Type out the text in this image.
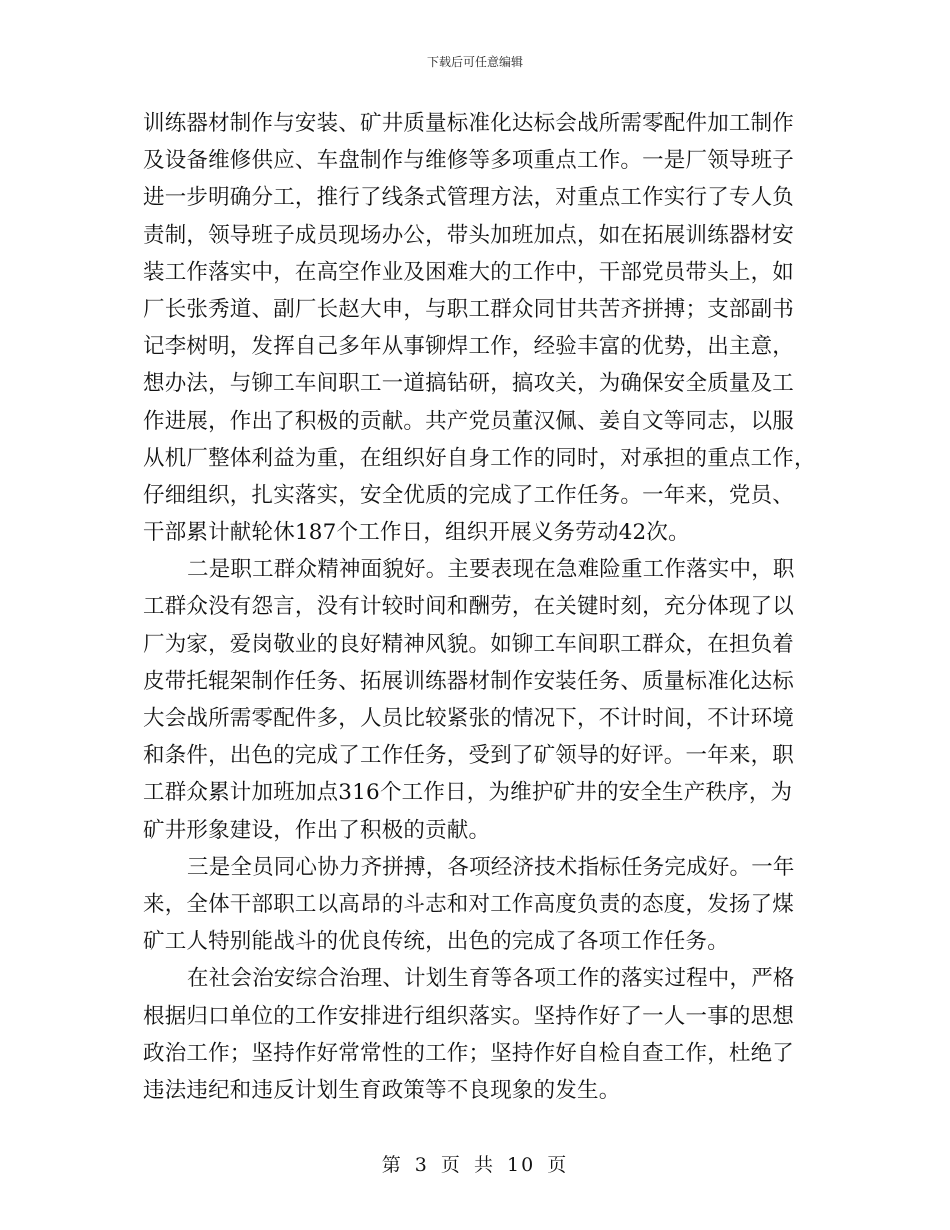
下载后可任意编辑
训练器材制作与安装、矿井质量标准化达标会战所需零配件加工制作
及设备维修供应、车盘制作与维修等多项重点工作。一是厂领导班子
进一步明确分工，推行了线条式管理方法，对重点工作实行了专人负
责制，领导班子成员现场办公，带头加班加点，如在拓展训练器材安
装工作落实中，在高空作业及困难大的工作中，干部党员带头上，如
厂长张秀道、副厂长赵大申，与职工群众同甘共苦齐拼搏；支部副书
记李树明，发挥自己多年从事铆焊工作，经验丰富的优势，出主意，
想办法，与铆工车间职工一道搞钻研，搞攻关，为确保安全质量及工
作进展，作出了积极的贡献。共产党员董汉佩、姜自文等同志，以服
从机厂整体利益为重，在组织好自身工作的同时，对承担的重点工作，
仔细组织，扎实落实，安全优质的完成了工作任务。一年来，党员、
干部累计献轮休187个工作日，组织开展义务劳动42次。
二是职工群众精神面貌好。主要表现在急难险重工作落实中，职
工群众没有怨言，没有计较时间和酬劳，在关键时刻，充分体现了以
厂为家，爱岗敬业的良好精神风貌。如铆工车间职工群众，在担负着
皮带托辊架制作任务、拓展训练器材制作安装任务、质量标准化达标
大会战所需零配件多，人员比较紧张的情况下，不计时间，不计环境
和条件，出色的完成了工作任务，受到了矿领导的好评。一年来，职
工群众累计加班加点316个工作日，为维护矿井的安全生产秩序，为
矿井形象建设，作出了积极的贡献。
三是全员同心协力齐拼搏，各项经济技术指标任务完成好。一年
来，全体干部职工以高昂的斗志和对工作高度负责的态度，发扬了煤
矿工人特别能战斗的优良传统，出色的完成了各项工作任务。
在社会治安综合治理、计划生育等各项工作的落实过程中，严格
根据归口单位的工作安排进行组织落实。坚持作好了一人一事的思想
政治工作；坚持作好常常性的工作；坚持作好自检自查工作，杜绝了
违法违纪和违反计划生育政策等不良现象的发生。
第 3 页 共 10 页
